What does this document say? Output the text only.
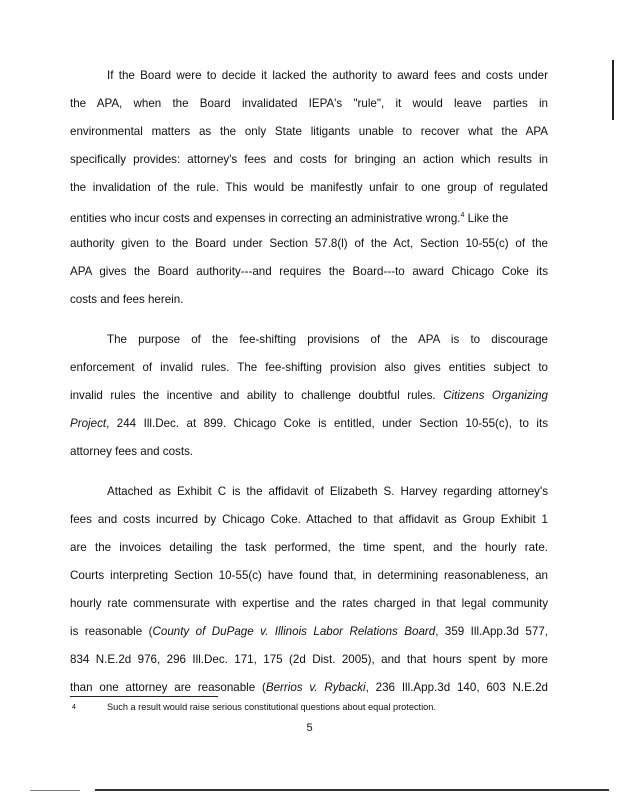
If the Board were to decide it lacked the authority to award fees and costs under
the APA, when the Board invalidated IEPA's "rule", it would leave parties in
environmental matters as the only State litigants unable to recover what the APA
specifically provides: attorney's fees and costs for bringing an action which results in
the invalidation of the rule. This would be manifestly unfair to one group of regulated
entities who incur costs and expenses in correcting an administrative wrong.$^4$ Like the
authority given to the Board under Section 57.8(l) of the Act, Section 10-55(c) of the
APA gives the Board authority---and requires the Board---to award Chicago Coke its
costs and fees herein.
The purpose of the fee-shifting provisions of the APA is to discourage
enforcement of invalid rules. The fee-shifting provision also gives entities subject to
invalid rules the incentive and ability to challenge doubtful rules. Citizens Organizing
Project, 244 Ill.Dec. at 899. Chicago Coke is entitled, under Section 10-55(c), to its
attorney fees and costs.
Attached as Exhibit C is the affidavit of Elizabeth S. Harvey regarding attorney's
fees and costs incurred by Chicago Coke. Attached to that affidavit as Group Exhibit 1
are the invoices detailing the task performed, the time spent, and the hourly rate.
Courts interpreting Section 10-55(c) have found that, in determining reasonableness, an
hourly rate commensurate with expertise and the rates charged in that legal community
is reasonable (County of DuPage v. Illinois Labor Relations Board, 359 Ill.App.3d 577,
834 N.E.2d 976, 296 Ill.Dec. 171, 175 (2d Dist. 2005), and that hours spent by more
than one attorney are reasonable (Berrios v. Rybacki, 236 Ill.App.3d 140, 603 N.E.2d
4	Such a result would raise serious constitutional questions about equal protection.
5
